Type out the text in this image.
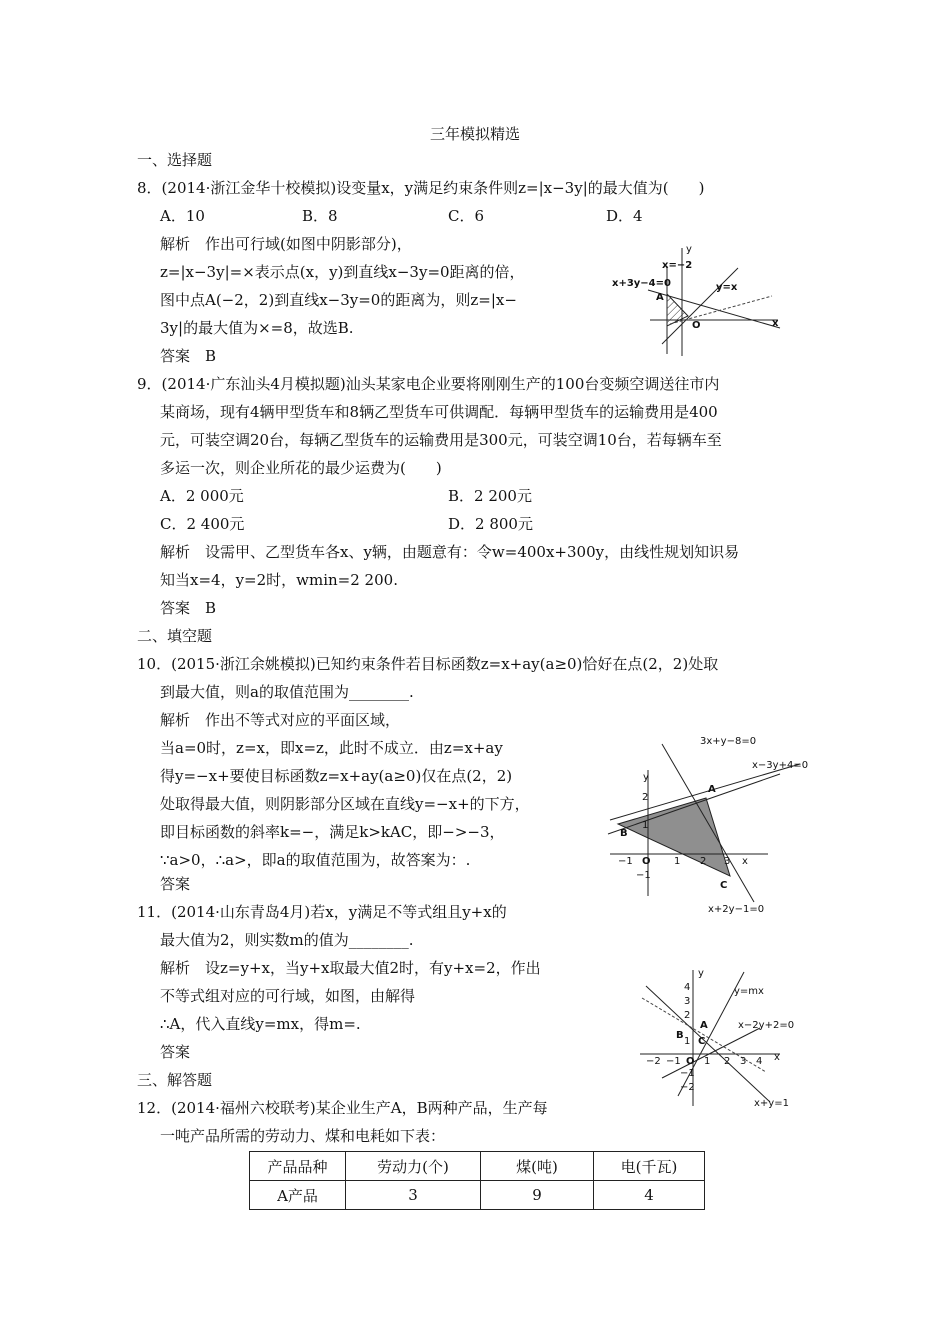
三年模拟精选
一、选择题
8．(2014·浙江金华十校模拟)设变量x，y满足约束条件则z=|x−3y|的最大值为(　　)
A．10	B．8	C．6	D．4
解析　作出可行域(如图中阴影部分)，
z=|x−3y|=×表示点(x，y)到直线x−3y=0距离的倍，
图中点A(−2，2)到直线x−3y=0的距离为，则z=|x−
3y|的最大值为×=8，故选B.
答案　B
y
x=−2
x+3y−4=0	y=x
A
O	x
9．(2014·广东汕头4月模拟题)汕头某家电企业要将刚刚生产的100台变频空调送往市内
某商场，现有4辆甲型货车和8辆乙型货车可供调配．每辆甲型货车的运输费用是400
元，可装空调20台，每辆乙型货车的运输费用是300元，可装空调10台，若每辆车至
多运一次，则企业所花的最少运费为(　　)
A．2 000元	B．2 200元
C．2 400元	D．2 800元
解析　设需甲、乙型货车各x、y辆，由题意有：令w=400x+300y，由线性规划知识易
知当x=4，y=2时，wmin=2 200.
答案　B
二、填空题
10．(2015·浙江余姚模拟)已知约束条件若目标函数z=x+ay(a≥0)恰好在点(2，2)处取
到最大值，则a的取值范围为________.
解析　作出不等式对应的平面区域，
当a=0时，z=x，即x=z，此时不成立．由z=x+ay
得y=−x+要使目标函数z=x+ay(a≥0)仅在点(2，2)
处取得最大值，则阴影部分区域在直线y=−x+的下方，
即目标函数的斜率k=−，满足k>kAC，即−>−3，
∵a>0，∴a>，即a的取值范围为，故答案为：.
答案
3x+y−8=0
x−3y+4=0
y
2
A
1
B
−1 O 1 2 3 x
−1
C
x+2y−1=0
11．(2014·山东青岛4月)若x，y满足不等式组且y+x的
最大值为2，则实数m的值为________.
解析　设z=y+x，当y+x取最大值2时，有y+x=2，作出
不等式组对应的可行域，如图，由解得
∴A，代入直线y=mx，得m=.
答案
y
4
3
2
y=mx
A
B
C
x−2y+2=0
1
−2 −1 O 1 2 3 4 x
−1
−2
x+y=1
三、解答题
12．(2014·福州六校联考)某企业生产A，B两种产品，生产每
一吨产品所需的劳动力、煤和电耗如下表：
产品品种	劳动力(个)	煤(吨)	电(千瓦)
A产品	3	9	4
